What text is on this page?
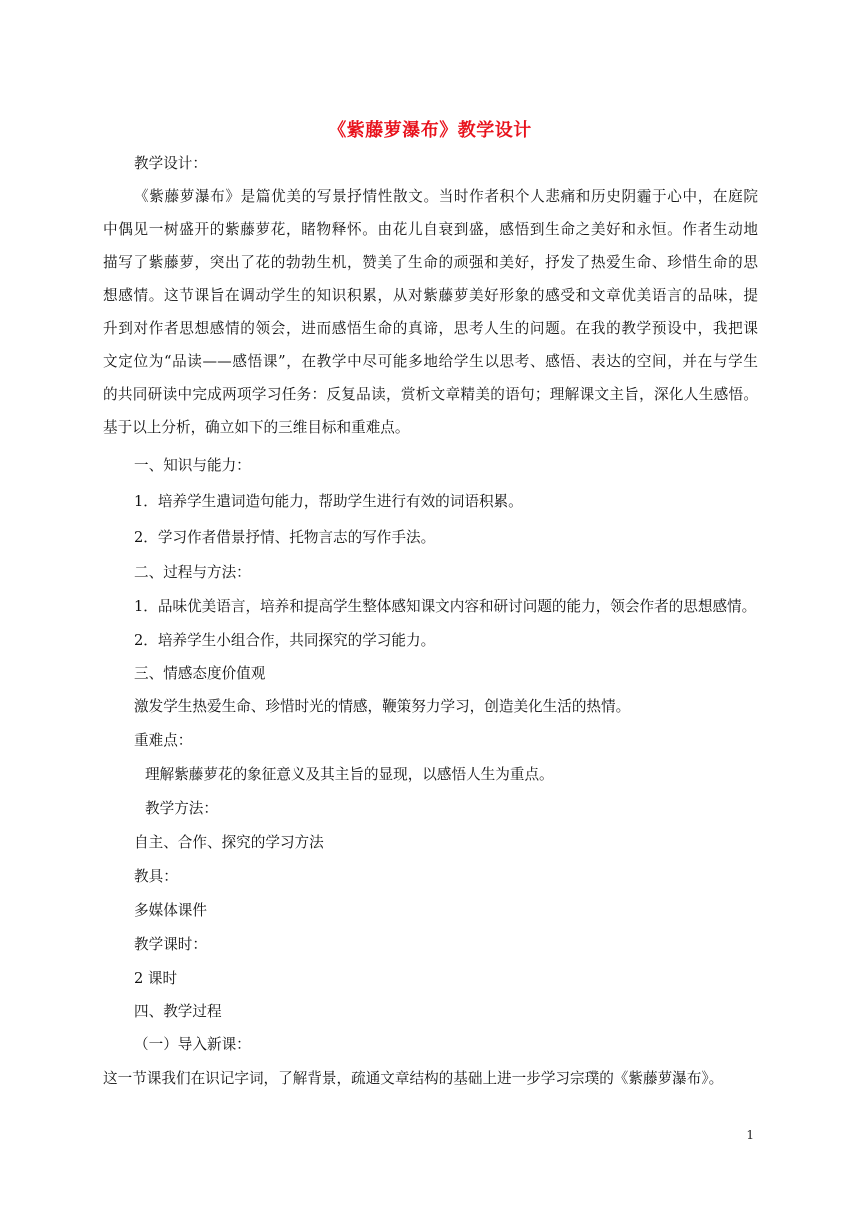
《紫藤萝瀑布》教学设计
教学设计：
《紫藤萝瀑布》是篇优美的写景抒情性散文。当时作者积个人悲痛和历史阴霾于心中，在庭院
中偶见一树盛开的紫藤萝花，睹物释怀。由花儿自衰到盛，感悟到生命之美好和永恒。作者生动地
描写了紫藤萝，突出了花的勃勃生机，赞美了生命的顽强和美好，抒发了热爱生命、珍惜生命的思
想感情。这节课旨在调动学生的知识积累，从对紫藤萝美好形象的感受和文章优美语言的品味，提
升到对作者思想感情的领会，进而感悟生命的真谛，思考人生的问题。在我的教学预设中，我把课
文定位为“品读——感悟课”，在教学中尽可能多地给学生以思考、感悟、表达的空间，并在与学生
的共同研读中完成两项学习任务：反复品读，赏析文章精美的语句；理解课文主旨，深化人生感悟。
基于以上分析，确立如下的三维目标和重难点。
一、知识与能力：
1．培养学生遣词造句能力，帮助学生进行有效的词语积累。
2．学习作者借景抒情、托物言志的写作手法。
二、过程与方法：
1．品味优美语言，培养和提高学生整体感知课文内容和研讨问题的能力，领会作者的思想感情。
2．培养学生小组合作，共同探究的学习能力。
三、情感态度价值观
激发学生热爱生命、珍惜时光的情感，鞭策努力学习，创造美化生活的热情。
重难点：
理解紫藤萝花的象征意义及其主旨的显现，以感悟人生为重点。
教学方法：
自主、合作、探究的学习方法
教具：
多媒体课件
教学课时：
2 课时
四、教学过程
（一）导入新课：
这一节课我们在识记字词，了解背景，疏通文章结构的基础上进一步学习宗璞的《紫藤萝瀑布》。
1
